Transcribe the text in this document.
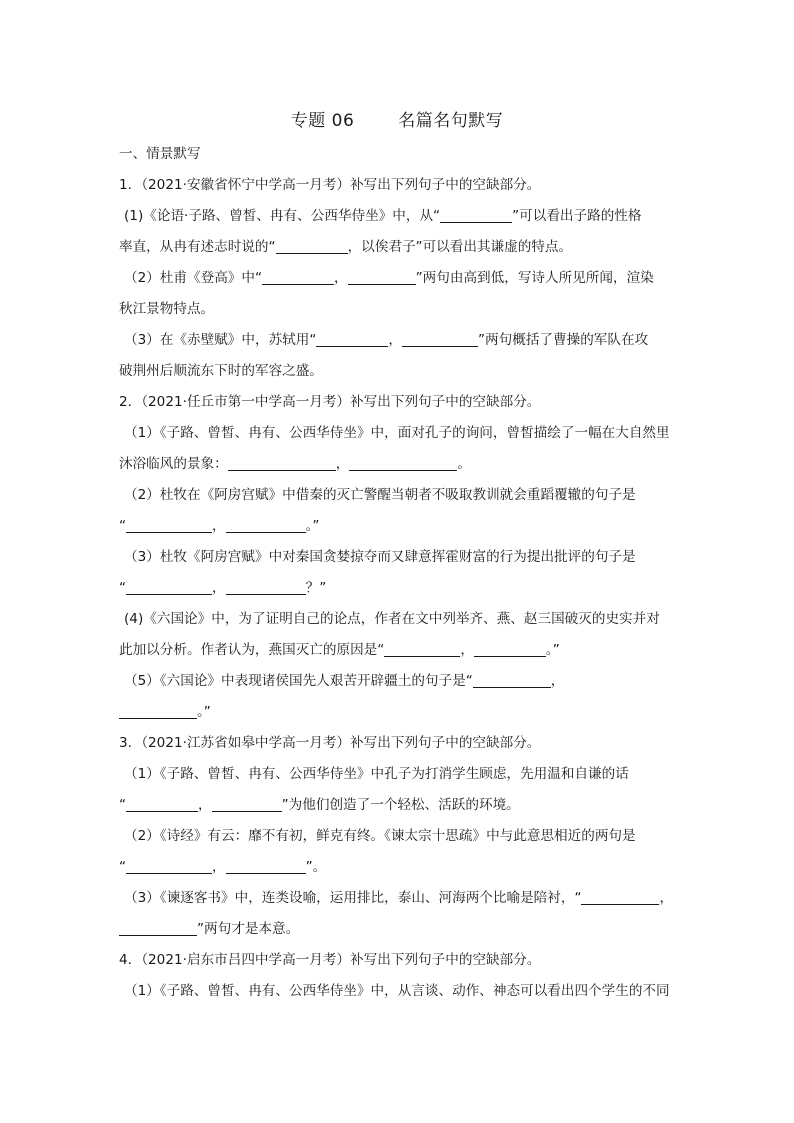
专题 06	名篇名句默写
一、情景默写
1．（2021·安徽省怀宁中学高一月考）补写出下列句子中的空缺部分。
(1)《论语·子路、曾皙、冉有、公西华侍坐》中，从“	”可以看出子路的性格
率直，从冉有述志时说的“	，以俟君子”可以看出其谦虚的特点。
（2）杜甫《登高》中“	，	”两句由高到低，写诗人所见所闻，渲染
秋江景物特点。
（3）在《赤壁赋》中，苏轼用“	，	”两句概括了曹操的军队在攻
破荆州后顺流东下时的军容之盛。
2．（2021·任丘市第一中学高一月考）补写出下列句子中的空缺部分。
（1）《子路、曾皙、冉有、公西华侍坐》中，面对孔子的询问，曾皙描绘了一幅在大自然里
沐浴临风的景象：	，	。
（2）杜牧在《阿房宫赋》中借秦的灭亡警醒当朝者不吸取教训就会重蹈覆辙的句子是
“	，	。”
（3）杜牧《阿房宫赋》中对秦国贪婪掠夺而又肆意挥霍财富的行为提出批评的句子是
“	，	？”
(4)《六国论》中，为了证明自己的论点，作者在文中列举齐、燕、赵三国破灭的史实并对
此加以分析。作者认为，燕国灭亡的原因是“	，	。”
（5）《六国论》中表现诸侯国先人艰苦开辟疆土的句子是“	，
。”
3．（2021·江苏省如皋中学高一月考）补写出下列句子中的空缺部分。
（1）《子路、曾皙、冉有、公西华侍坐》中孔子为打消学生顾虑，先用温和自谦的话
“	，	”为他们创造了一个轻松、活跃的环境。
（2）《诗经》有云：靡不有初，鲜克有终。《谏太宗十思疏》中与此意思相近的两句是
“	，	”。
（3）《谏逐客书》中，连类设喻，运用排比，泰山、河海两个比喻是陪衬，“	，
”两句才是本意。
4．（2021·启东市吕四中学高一月考）补写出下列句子中的空缺部分。
（1）《子路、曾皙、冉有、公西华侍坐》中，从言谈、动作、神态可以看出四个学生的不同
